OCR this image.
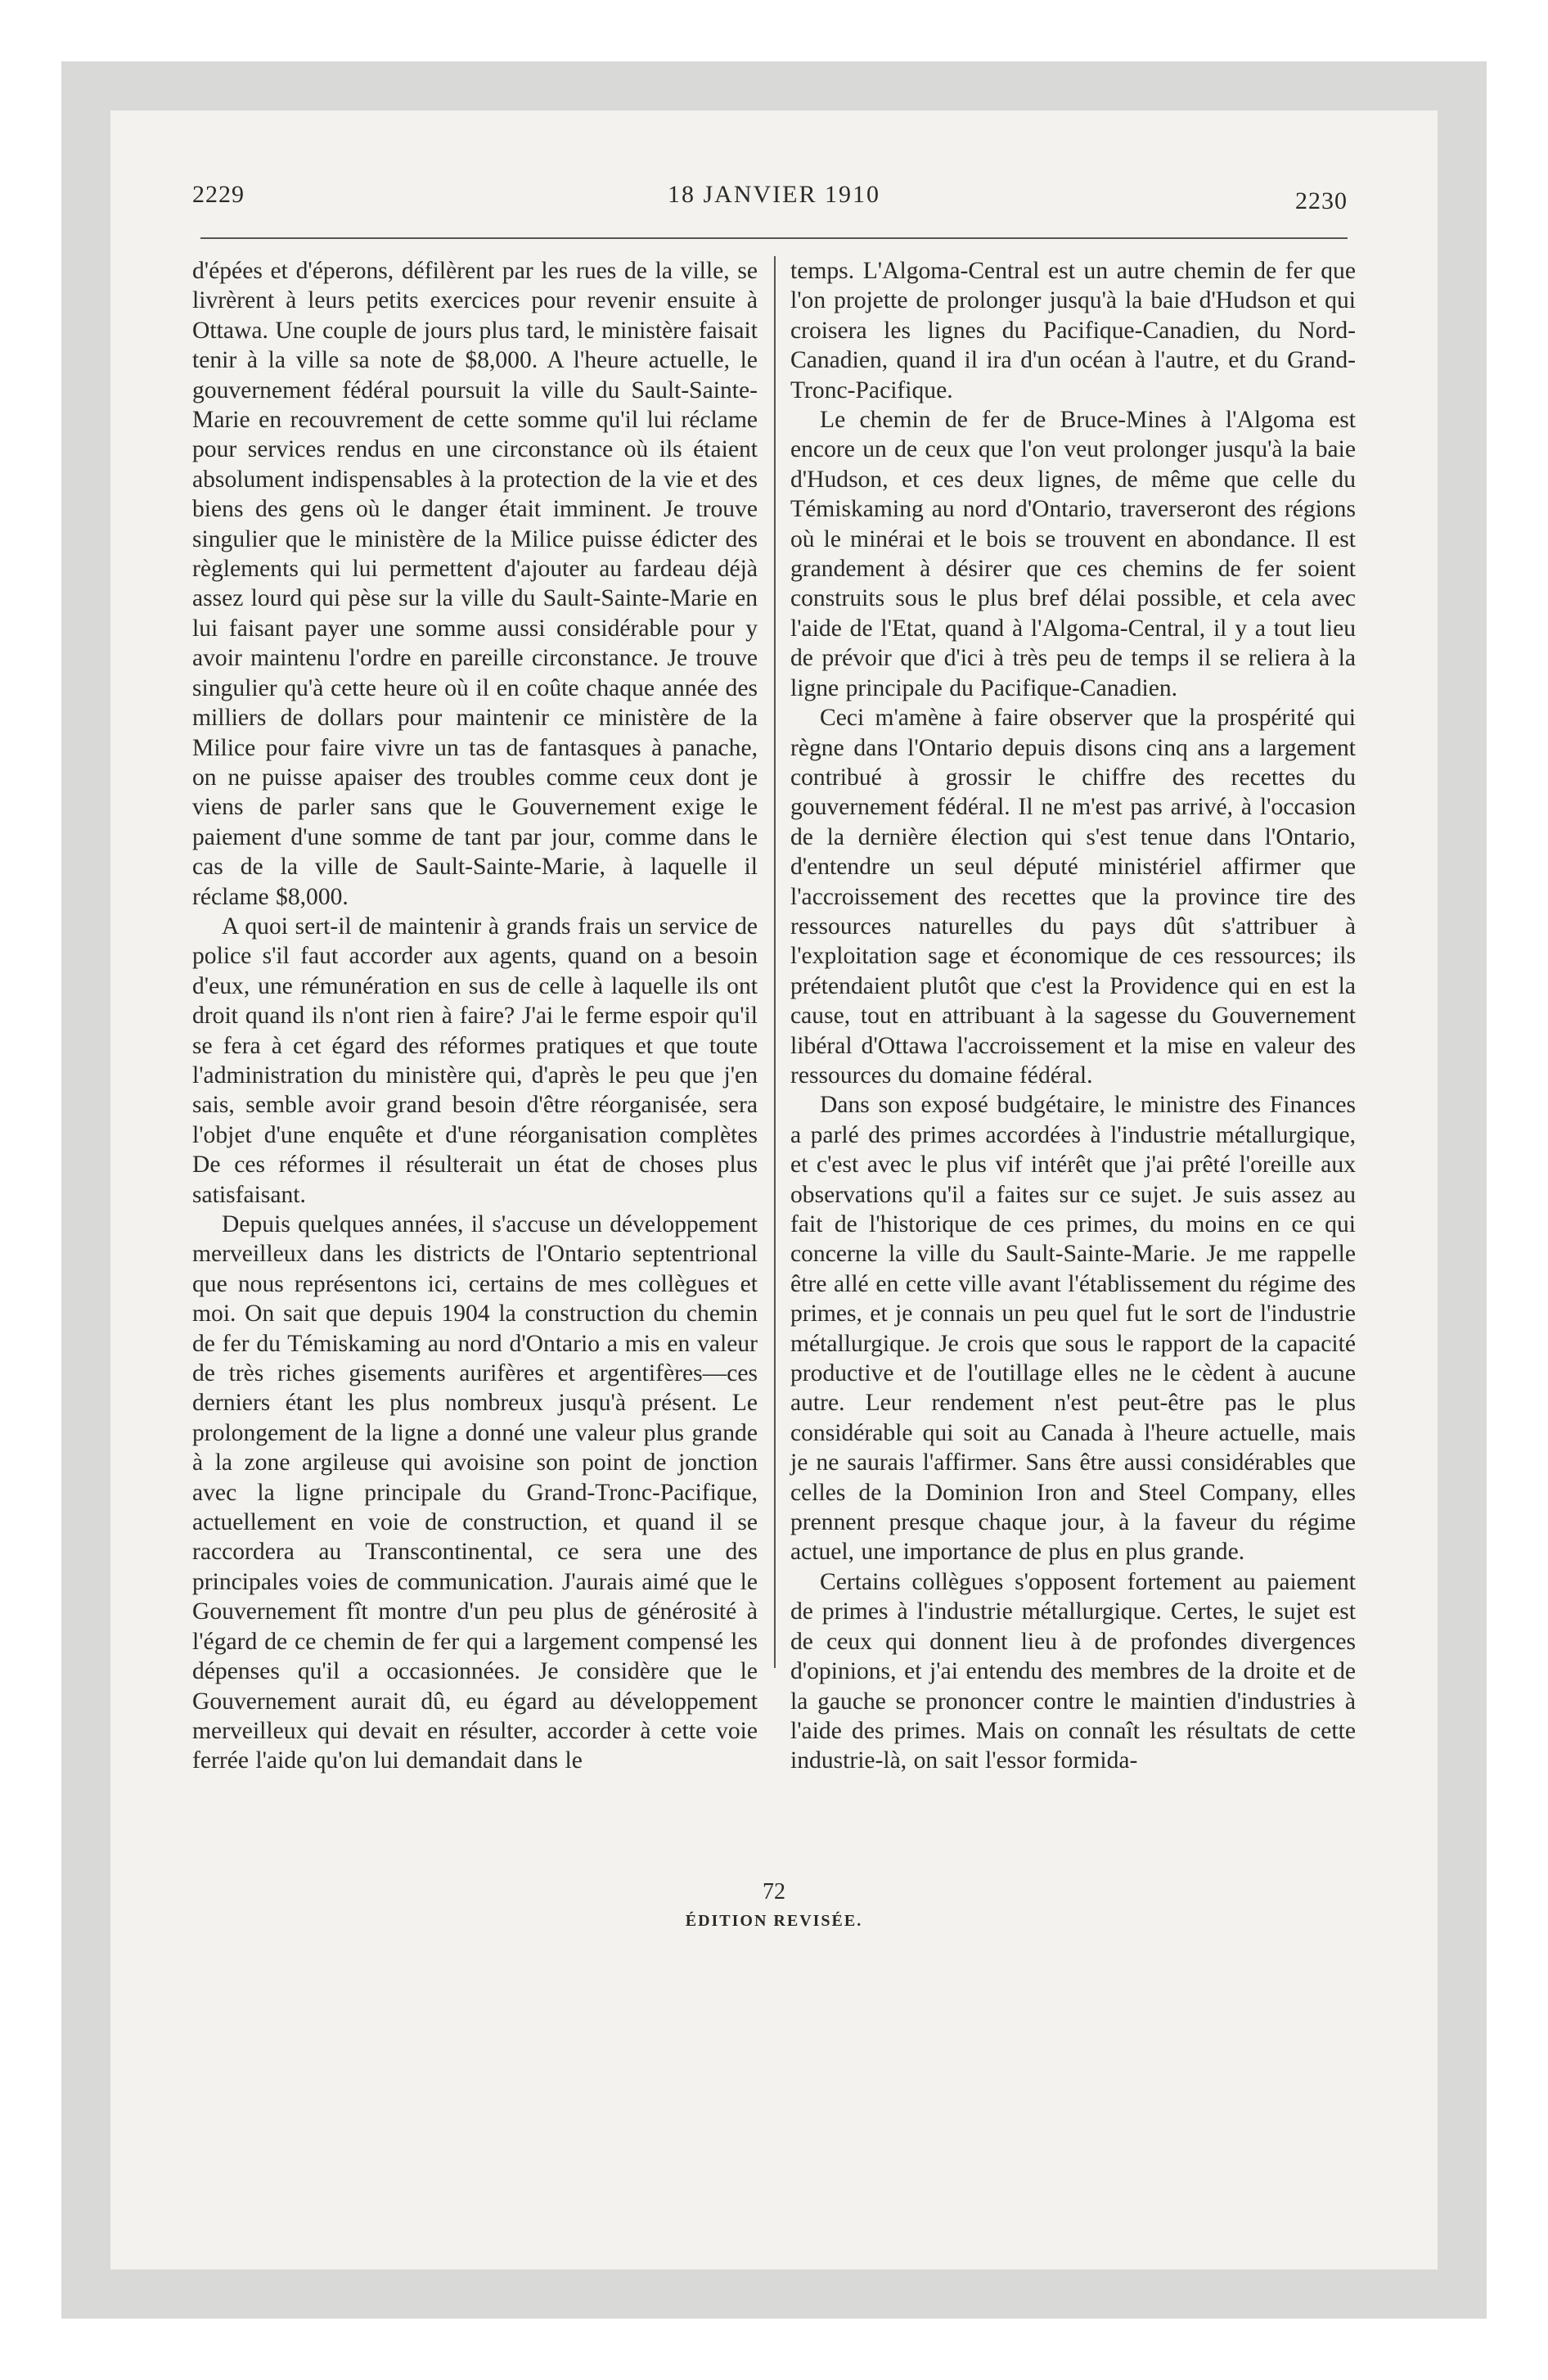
2229	18 JANVIER 1910	2230

d'épées et d'éperons, défilèrent par les rues de la ville, se livrèrent à leurs petits exercices pour revenir ensuite à Ottawa. Une couple de jours plus tard, le ministère faisait tenir à la ville sa note de $8,000. A l'heure actuelle, le gouvernement fédéral poursuit la ville du Sault-Sainte-Marie en recouvrement de cette somme qu'il lui réclame pour services rendus en une circonstance où ils étaient absolument indispensables à la protection de la vie et des biens des gens où le danger était imminent. Je trouve singulier que le ministère de la Milice puisse édicter des règlements qui lui permettent d'ajouter au fardeau déjà assez lourd qui pèse sur la ville du Sault-Sainte-Marie en lui faisant payer une somme aussi considérable pour y avoir maintenu l'ordre en pareille circonstance. Je trouve singulier qu'à cette heure où il en coûte chaque année des milliers de dollars pour maintenir ce ministère de la Milice pour faire vivre un tas de fantasques à panache, on ne puisse apaiser des troubles comme ceux dont je viens de parler sans que le Gouvernement exige le paiement d'une somme de tant par jour, comme dans le cas de la ville de Sault-Sainte-Marie, à laquelle il réclame $8,000.

A quoi sert-il de maintenir à grands frais un service de police s'il faut accorder aux agents, quand on a besoin d'eux, une rémunération en sus de celle à laquelle ils ont droit quand ils n'ont rien à faire? J'ai le ferme espoir qu'il se fera à cet égard des réformes pratiques et que toute l'administration du ministère qui, d'après le peu que j'en sais, semble avoir grand besoin d'être réorganisée, sera l'objet d'une enquête et d'une réorganisation complètes De ces réformes il résulterait un état de choses plus satisfaisant.

Depuis quelques années, il s'accuse un développement merveilleux dans les districts de l'Ontario septentrional que nous représentons ici, certains de mes collègues et moi. On sait que depuis 1904 la construction du chemin de fer du Témiskaming au nord d'Ontario a mis en valeur de très riches gisements aurifères et argentifères—ces derniers étant les plus nombreux jusqu'à présent. Le prolongement de la ligne a donné une valeur plus grande à la zone argileuse qui avoisine son point de jonction avec la ligne principale du Grand-Tronc-Pacifique, actuellement en voie de construction, et quand il se raccordera au Transcontinental, ce sera une des principales voies de communication. J'aurais aimé que le Gouvernement fît montre d'un peu plus de générosité à l'égard de ce chemin de fer qui a largement compensé les dépenses qu'il a occasionnées. Je considère que le Gouvernement aurait dû, eu égard au développement merveilleux qui devait en résulter, accorder à cette voie ferrée l'aide qu'on lui demandait dans le

temps. L'Algoma-Central est un autre chemin de fer que l'on projette de prolonger jusqu'à la baie d'Hudson et qui croisera les lignes du Pacifique-Canadien, du Nord-Canadien, quand il ira d'un océan à l'autre, et du Grand-Tronc-Pacifique.

Le chemin de fer de Bruce-Mines à l'Algoma est encore un de ceux que l'on veut prolonger jusqu'à la baie d'Hudson, et ces deux lignes, de même que celle du Témiskaming au nord d'Ontario, traverseront des régions où le minérai et le bois se trouvent en abondance. Il est grandement à désirer que ces chemins de fer soient construits sous le plus bref délai possible, et cela avec l'aide de l'Etat, quand à l'Algoma-Central, il y a tout lieu de prévoir que d'ici à très peu de temps il se reliera à la ligne principale du Pacifique-Canadien.

Ceci m'amène à faire observer que la prospérité qui règne dans l'Ontario depuis disons cinq ans a largement contribué à grossir le chiffre des recettes du gouvernement fédéral. Il ne m'est pas arrivé, à l'occasion de la dernière élection qui s'est tenue dans l'Ontario, d'entendre un seul député ministériel affirmer que l'accroissement des recettes que la province tire des ressources naturelles du pays dût s'attribuer à l'exploitation sage et économique de ces ressources; ils prétendaient plutôt que c'est la Providence qui en est la cause, tout en attribuant à la sagesse du Gouvernement libéral d'Ottawa l'accroissement et la mise en valeur des ressources du domaine fédéral.

Dans son exposé budgétaire, le ministre des Finances a parlé des primes accordées à l'industrie métallurgique, et c'est avec le plus vif intérêt que j'ai prêté l'oreille aux observations qu'il a faites sur ce sujet. Je suis assez au fait de l'historique de ces primes, du moins en ce qui concerne la ville du Sault-Sainte-Marie. Je me rappelle être allé en cette ville avant l'établissement du régime des primes, et je connais un peu quel fut le sort de l'industrie métallurgique. Je crois que sous le rapport de la capacité productive et de l'outillage elles ne le cèdent à aucune autre. Leur rendement n'est peut-être pas le plus considérable qui soit au Canada à l'heure actuelle, mais je ne saurais l'affirmer. Sans être aussi considérables que celles de la Dominion Iron and Steel Company, elles prennent presque chaque jour, à la faveur du régime actuel, une importance de plus en plus grande.

Certains collègues s'opposent fortement au paiement de primes à l'industrie métallurgique. Certes, le sujet est de ceux qui donnent lieu à de profondes divergences d'opinions, et j'ai entendu des membres de la droite et de la gauche se prononcer contre le maintien d'industries à l'aide des primes. Mais on connaît les résultats de cette industrie-là, on sait l'essor formida-

72
ÉDITION REVISÉE.
